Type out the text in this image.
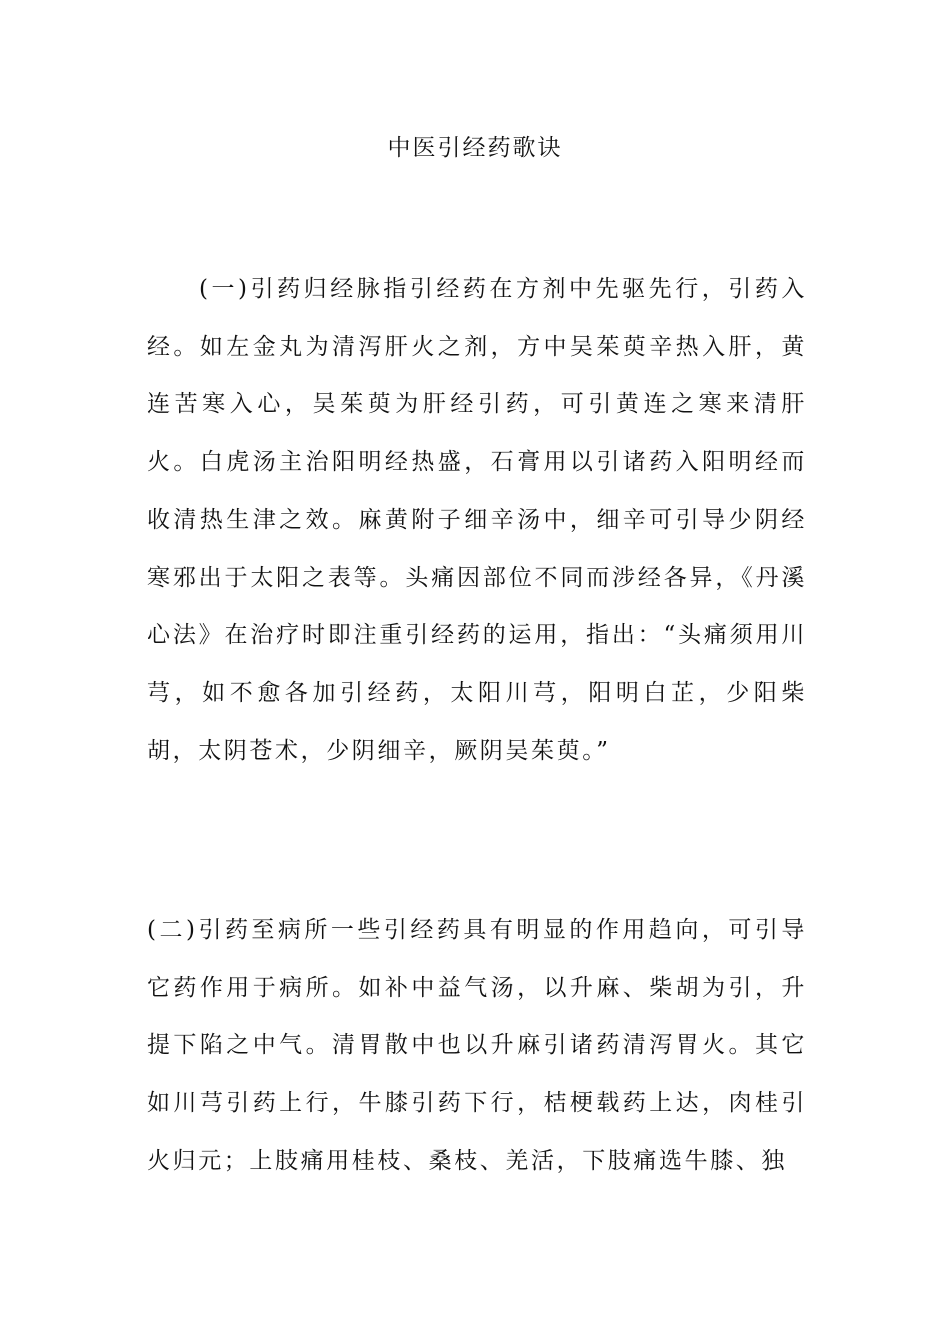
中医引经药歌诀

(一)引药归经脉指引经药在方剂中先驱先行，引药入经。如左金丸为清泻肝火之剂，方中吴茱萸辛热入肝，黄连苦寒入心，吴茱萸为肝经引药，可引黄连之寒来清肝火。白虎汤主治阳明经热盛，石膏用以引诸药入阳明经而收清热生津之效。麻黄附子细辛汤中，细辛可引导少阴经寒邪出于太阳之表等。头痛因部位不同而涉经各异，《丹溪心法》在治疗时即注重引经药的运用，指出：“头痛须用川芎，如不愈各加引经药，太阳川芎，阳明白芷，少阳柴胡，太阴苍术，少阴细辛，厥阴吴茱萸。”

(二)引药至病所一些引经药具有明显的作用趋向，可引导它药作用于病所。如补中益气汤，以升麻、柴胡为引，升提下陷之中气。清胃散中也以升麻引诸药清泻胃火。其它如川芎引药上行，牛膝引药下行，桔梗载药上达，肉桂引火归元；上肢痛用桂枝、桑枝、羌活，下肢痛选牛膝、独
